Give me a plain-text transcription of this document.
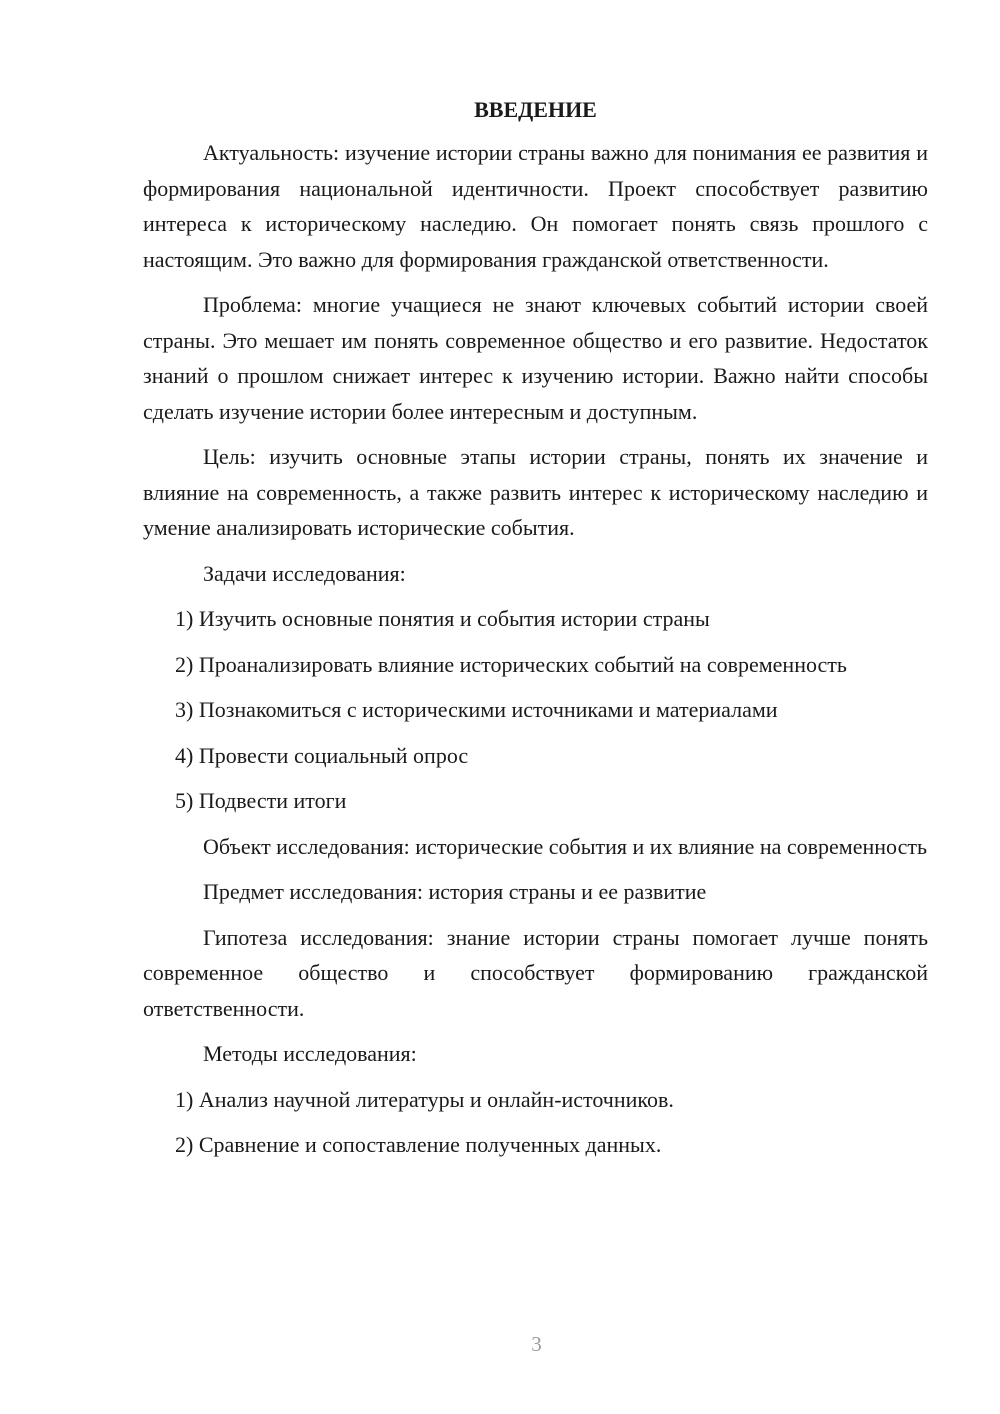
ВВЕДЕНИЕ

Актуальность: изучение истории страны важно для понимания ее развития и формирования национальной идентичности. Проект способствует развитию интереса к историческому наследию. Он помогает понять связь прошлого с настоящим. Это важно для формирования гражданской ответственности.

Проблема: многие учащиеся не знают ключевых событий истории своей страны. Это мешает им понять современное общество и его развитие. Недостаток знаний о прошлом снижает интерес к изучению истории. Важно найти способы сделать изучение истории более интересным и доступным.

Цель: изучить основные этапы истории страны, понять их значение и влияние на современность, а также развить интерес к историческому наследию и умение анализировать исторические события.

Задачи исследования:

1) Изучить основные понятия и события истории страны

2) Проанализировать влияние исторических событий на современность

3) Познакомиться с историческими источниками и материалами

4) Провести социальный опрос

5) Подвести итоги

Объект исследования: исторические события и их влияние на современность

Предмет исследования: история страны и ее развитие

Гипотеза исследования: знание истории страны помогает лучше понять современное общество и способствует формированию гражданской ответственности.

Методы исследования:

1) Анализ научной литературы и онлайн-источников.

2) Сравнение и сопоставление полученных данных.

3
